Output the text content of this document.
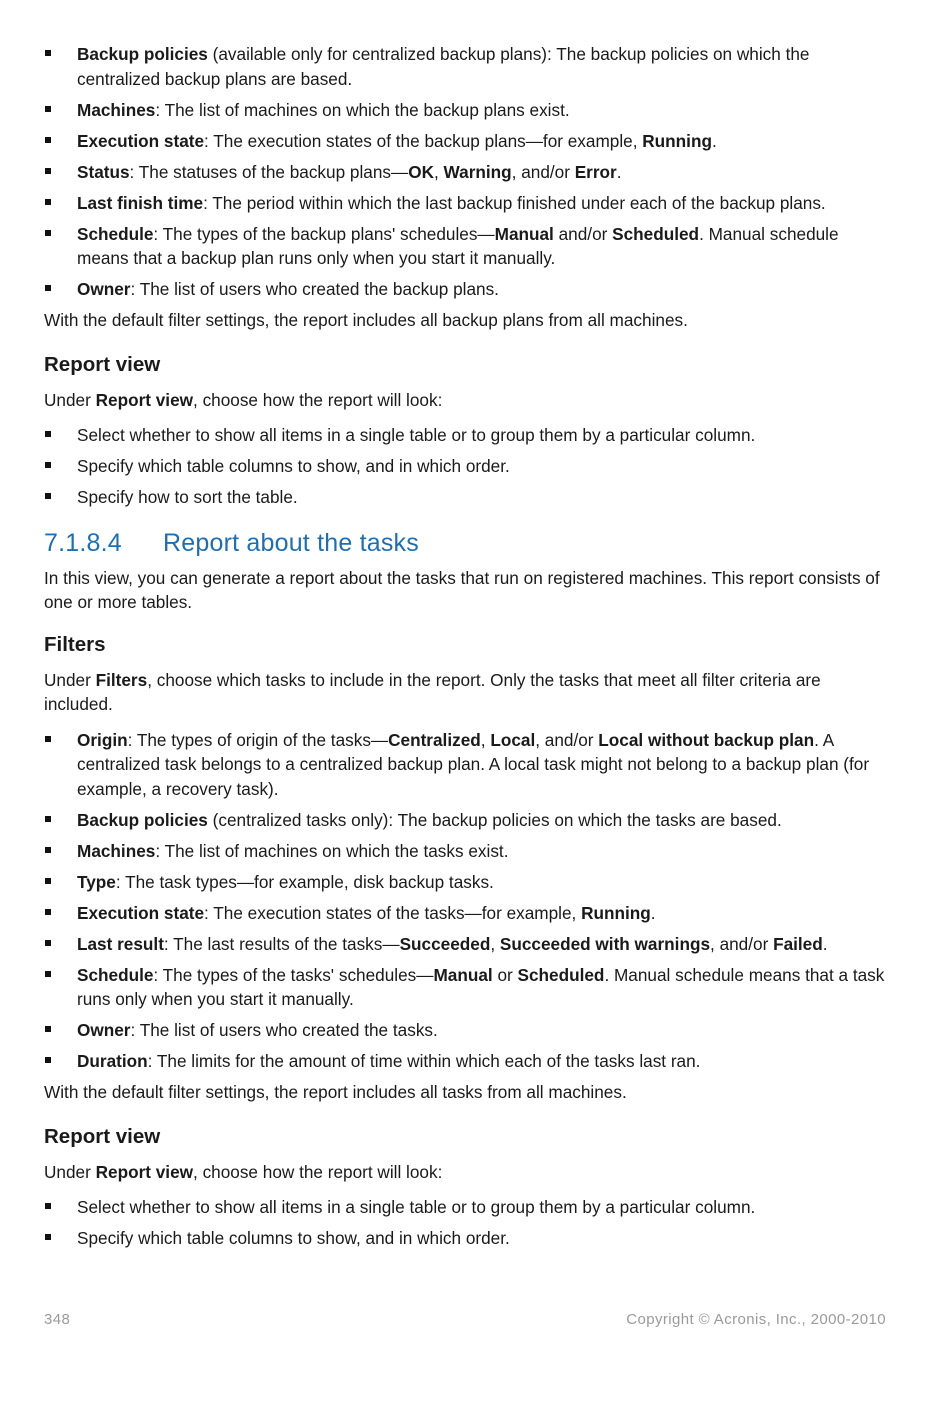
Backup policies (available only for centralized backup plans): The backup policies on which the centralized backup plans are based.
Machines: The list of machines on which the backup plans exist.
Execution state: The execution states of the backup plans—for example, Running.
Status: The statuses of the backup plans—OK, Warning, and/or Error.
Last finish time: The period within which the last backup finished under each of the backup plans.
Schedule: The types of the backup plans' schedules—Manual and/or Scheduled. Manual schedule means that a backup plan runs only when you start it manually.
Owner: The list of users who created the backup plans.

With the default filter settings, the report includes all backup plans from all machines.

Report view

Under Report view, choose how the report will look:

Select whether to show all items in a single table or to group them by a particular column.
Specify which table columns to show, and in which order.
Specify how to sort the table.
7.1.8.4 Report about the tasks

In this view, you can generate a report about the tasks that run on registered machines. This report consists of one or more tables.

Filters

Under Filters, choose which tasks to include in the report. Only the tasks that meet all filter criteria are included.

Origin: The types of origin of the tasks—Centralized, Local, and/or Local without backup plan. A centralized task belongs to a centralized backup plan. A local task might not belong to a backup plan (for example, a recovery task).
Backup policies (centralized tasks only): The backup policies on which the tasks are based.
Machines: The list of machines on which the tasks exist.
Type: The task types—for example, disk backup tasks.
Execution state: The execution states of the tasks—for example, Running.
Last result: The last results of the tasks—Succeeded, Succeeded with warnings, and/or Failed.
Schedule: The types of the tasks' schedules—Manual or Scheduled. Manual schedule means that a task runs only when you start it manually.
Owner: The list of users who created the tasks.
Duration: The limits for the amount of time within which each of the tasks last ran.

With the default filter settings, the report includes all tasks from all machines.

Report view

Under Report view, choose how the report will look:

Select whether to show all items in a single table or to group them by a particular column.
Specify which table columns to show, and in which order.
348	Copyright © Acronis, Inc., 2000-2010
